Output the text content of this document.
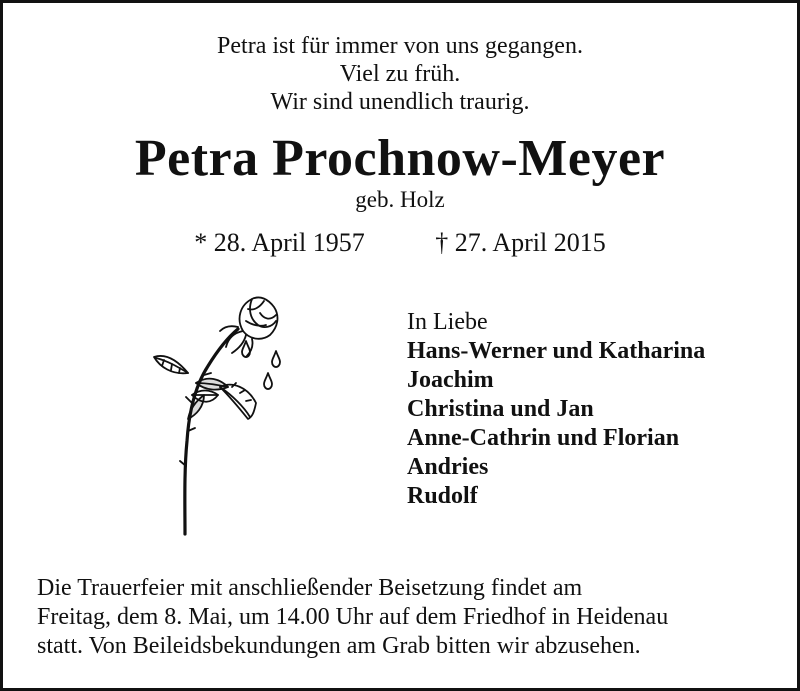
Petra ist für immer von uns gegangen.
Viel zu früh.
Wir sind unendlich traurig.
Petra Prochnow-Meyer
geb. Holz
* 28. April 1957	† 27. April 2015
In Liebe
Hans-Werner und Katharina
Joachim
Christina und Jan
Anne-Cathrin und Florian
Andries
Rudolf
Die Trauerfeier mit anschließender Beisetzung findet am
Freitag, dem 8. Mai, um 14.00 Uhr auf dem Friedhof in Heidenau
statt. Von Beileidsbekundungen am Grab bitten wir abzusehen.
